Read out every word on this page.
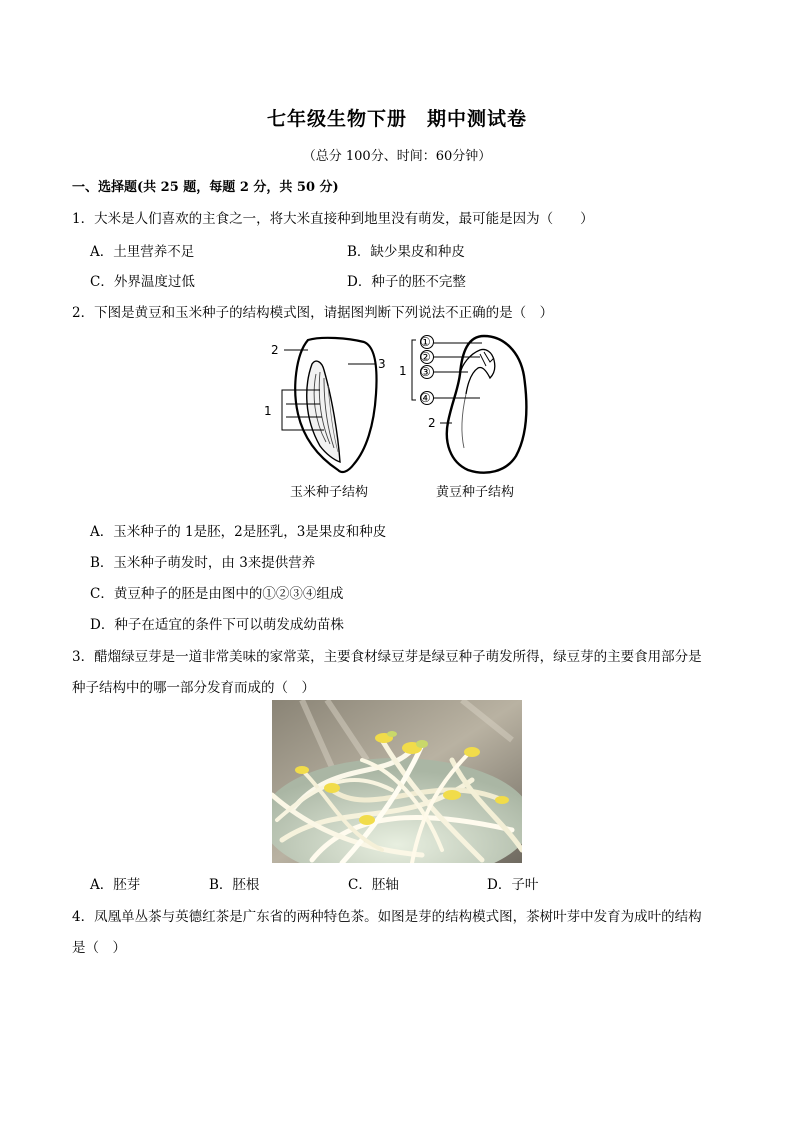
七年级生物下册　期中测试卷
（总分 100分、时间：60分钟）
一、选择题(共 25 题，每题 2 分，共 50 分)
1．大米是人们喜欢的主食之一，将大米直接种到地里没有萌发，最可能是因为（　　）
A．土里营养不足	B．缺少果皮和种皮
C．外界温度过低	D．种子的胚不完整
2．下图是黄豆和玉米种子的结构模式图，请据图判断下列说法不正确的是（　）
2
3
1
①
②
③
④
1
2
玉米种子结构	黄豆种子结构
A．玉米种子的 1是胚，2是胚乳，3是果皮和种皮
B．玉米种子萌发时，由 3来提供营养
C．黄豆种子的胚是由图中的①②③④组成
D．种子在适宜的条件下可以萌发成幼苗株
3．醋熘绿豆芽是一道非常美味的家常菜，主要食材绿豆芽是绿豆种子萌发所得，绿豆芽的主要食用部分是
种子结构中的哪一部分发育而成的（　）
A．胚芽	B．胚根	C．胚轴	D．子叶
4．凤凰单丛茶与英德红茶是广东省的两种特色茶。如图是芽的结构模式图，茶树叶芽中发育为成叶的结构
是（　）
